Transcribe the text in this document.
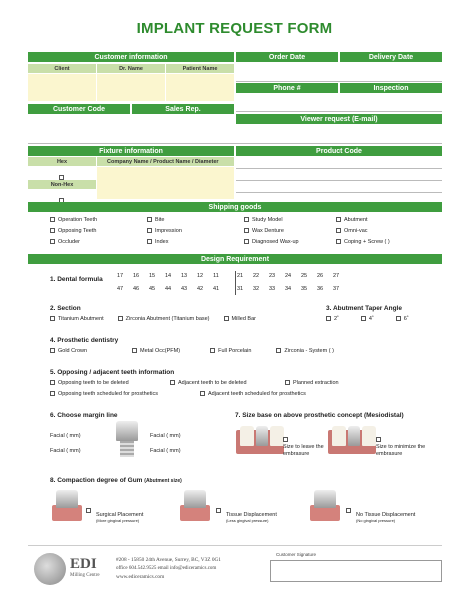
IMPLANT REQUEST FORM
Customer information	Order Date	Delivery Date
Client	Dr. Name	Patient Name
Phone #	Inspection
Customer Code	Sales Rep.
Viewer request (E-mail)
Fixture information	Product Code
Hex	Company Name / Product Name / Diameter
Non-Hex
Shipping goods
Operation Teeth	Bite	Study Model	Abutment
Opposing Teeth	Impression	Wax Denture	Omni-vac
Occluder	Index	Diagnosed Wax-up	Coping + Screw ( )
Design Requirement
1. Dental formula	17	16	15	14	13	12	11	21	22	23	24	25	26	27
47	46	45	44	43	42	41	31	32	33	34	35	36	37
2. Section
Titanium Abutment	Zirconia Abutment (Titanium base)	Milled Bar
3. Abutment Taper Angle
2˚	4˚	6˚
4. Prosthetic dentistry
Gold Crown	Metal Occ(PFM)	Full Porcelain	Zirconia - System ( )
5. Opposing / adjacent teeth information
Opposing teeth to be deleted	Adjacent teeth to be deleted	Planned extraction
Opposing teeth scheduled for prosthetics	Adjacent teeth scheduled for prosthetics
6. Choose margin line
Facial ( mm)
Facial ( mm)
Facial ( mm)
Facial ( mm)
7. Size base on above prosthetic concept (Mesiodistal)

Size to leave the embrasure

Size to minimize the embrasure
8. Compaction degree of Gum (Abutment size)
Surgical Placement
(More gingival pressure)
Tissue Displacement
(Less gingival pressure)
No Tissue Displacement
(No gingival pressure)
EDI
Milling Centre
#208 - 15850 24th Avenue, Surrey, BC, V3Z 0G1
office 604.542.9525 email info@ediceramics.com
www.ediceramics.com
Customer Signature
